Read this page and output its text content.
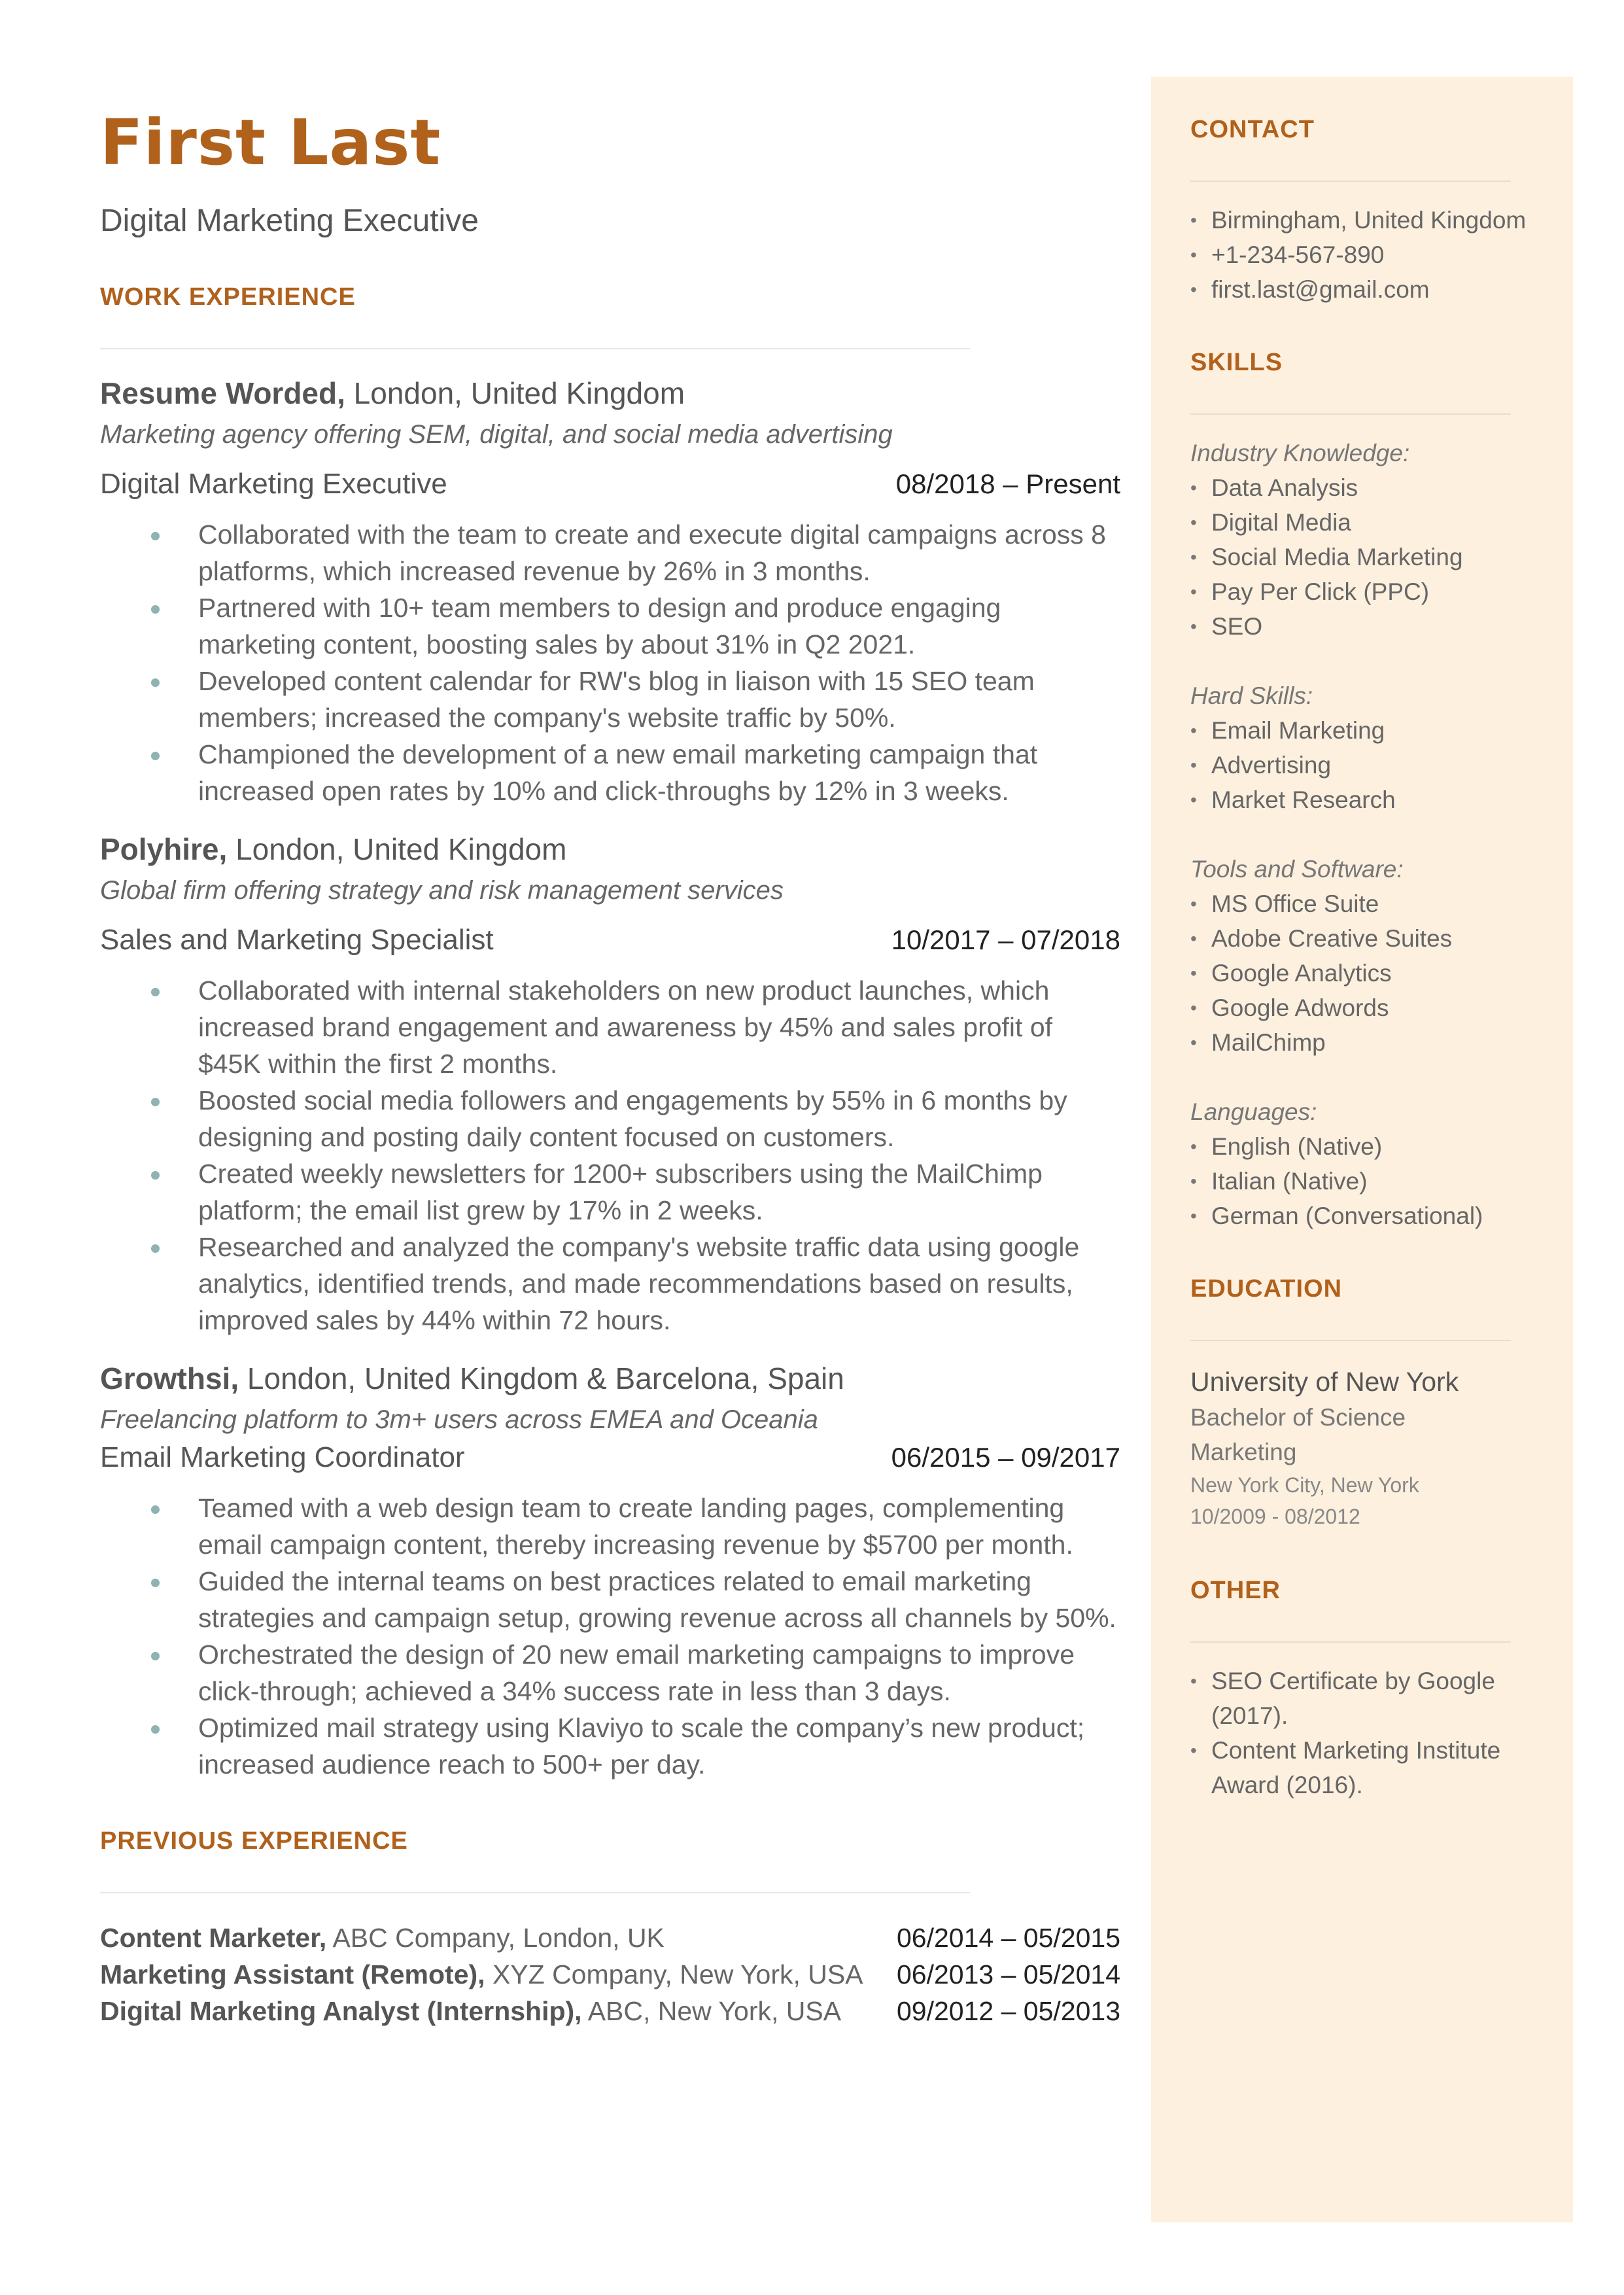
First Last
Digital Marketing Executive
WORK EXPERIENCE
Resume Worded, London, United Kingdom
Marketing agency offering SEM, digital, and social media advertising
Digital Marketing Executive	08/2018 – Present
Collaborated with the team to create and execute digital campaigns across 8 platforms, which increased revenue by 26% in 3 months.
Partnered with 10+ team members to design and produce engaging marketing content, boosting sales by about 31% in Q2 2021.
Developed content calendar for RW's blog in liaison with 15 SEO team members; increased the company's website traffic by 50%.
Championed the development of a new email marketing campaign that increased open rates by 10% and click-throughs by 12% in 3 weeks.
Polyhire, London, United Kingdom
Global firm offering strategy and risk management services
Sales and Marketing Specialist	10/2017 – 07/2018
Collaborated with internal stakeholders on new product launches, which increased brand engagement and awareness by 45% and sales profit of $45K within the first 2 months.
Boosted social media followers and engagements by 55% in 6 months by designing and posting daily content focused on customers.
Created weekly newsletters for 1200+ subscribers using the MailChimp platform; the email list grew by 17% in 2 weeks.
Researched and analyzed the company's website traffic data using google analytics, identified trends, and made recommendations based on results, improved sales by 44% within 72 hours.
Growthsi, London, United Kingdom & Barcelona, Spain
Freelancing platform to 3m+ users across EMEA and Oceania
Email Marketing Coordinator	06/2015 – 09/2017
Teamed with a web design team to create landing pages, complementing email campaign content, thereby increasing revenue by $5700 per month.
Guided the internal teams on best practices related to email marketing strategies and campaign setup, growing revenue across all channels by 50%.
Orchestrated the design of 20 new email marketing campaigns to improve click-through; achieved a 34% success rate in less than 3 days.
Optimized mail strategy using Klaviyo to scale the company’s new product; increased audience reach to 500+ per day.
PREVIOUS EXPERIENCE
Content Marketer, ABC Company, London, UK	06/2014 – 05/2015
Marketing Assistant (Remote), XYZ Company, New York, USA 06/2013 – 05/2014
Digital Marketing Analyst (Internship), ABC, New York, USA 09/2012 – 05/2013
CONTACT
• Birmingham, United Kingdom
• +1-234-567-890
• first.last@gmail.com
SKILLS
Industry Knowledge:
• Data Analysis
• Digital Media
• Social Media Marketing
• Pay Per Click (PPC)
• SEO
Hard Skills:
• Email Marketing
• Advertising
• Market Research
Tools and Software:
• MS Office Suite
• Adobe Creative Suites
• Google Analytics
• Google Adwords
• MailChimp
Languages:
• English (Native)
• Italian (Native)
• German (Conversational)
EDUCATION
University of New York
Bachelor of Science
Marketing
New York City, New York
10/2009 - 08/2012
OTHER
• SEO Certificate by Google (2017).
• Content Marketing Institute Award (2016).
